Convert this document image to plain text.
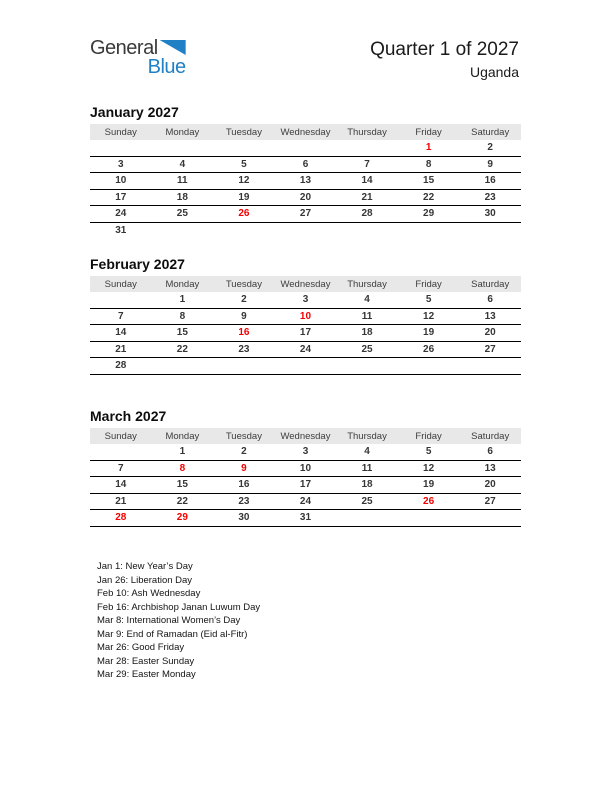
General
Blue
Quarter 1 of 2027
Uganda
January 2027
Sunday	Monday	Tuesday	Wednesday	Thursday	Friday	Saturday
					1	2
3	4	5	6	7	8	9
10	11	12	13	14	15	16
17	18	19	20	21	22	23
24	25	26	27	28	29	30
31						
February 2027
Sunday	Monday	Tuesday	Wednesday	Thursday	Friday	Saturday
	1	2	3	4	5	6
7	8	9	10	11	12	13
14	15	16	17	18	19	20
21	22	23	24	25	26	27
28						

March 2027
Sunday	Monday	Tuesday	Wednesday	Thursday	Friday	Saturday
	1	2	3	4	5	6
7	8	9	10	11	12	13
14	15	16	17	18	19	20
21	22	23	24	25	26	27
28	29	30	31			

Jan 1: New Year’s Day
Jan 26: Liberation Day
Feb 10: Ash Wednesday
Feb 16: Archbishop Janan Luwum Day
Mar 8: International Women’s Day
Mar 9: End of Ramadan (Eid al-Fitr)
Mar 26: Good Friday
Mar 28: Easter Sunday
Mar 29: Easter Monday
